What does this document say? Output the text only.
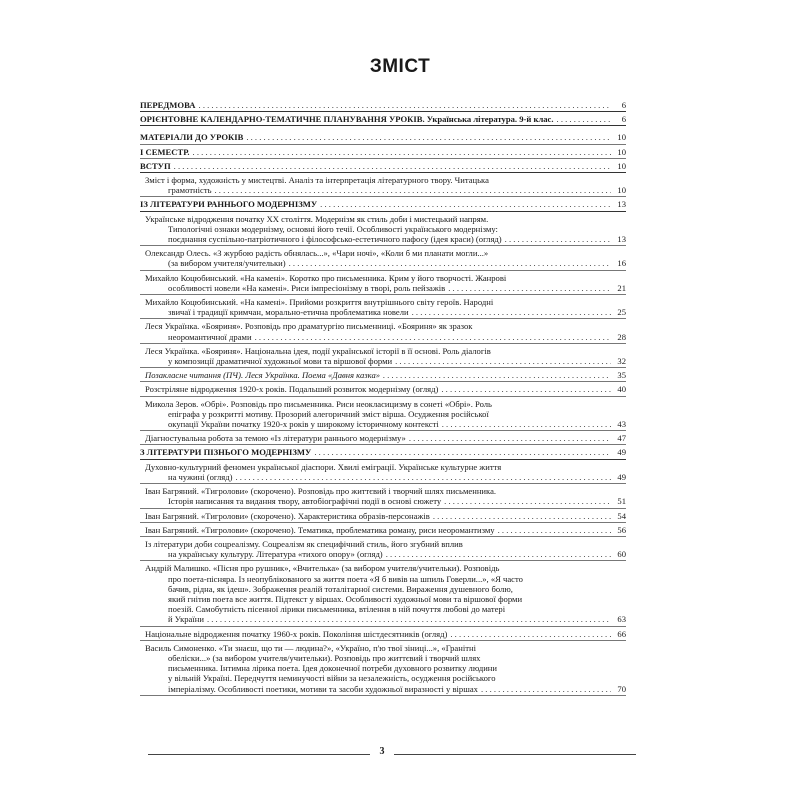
ЗМІСТ
ПЕРЕДМОВА . . .	6
ОРІЄНТОВНЕ КАЛЕНДАРНО-ТЕМАТИЧНЕ ПЛАНУВАННЯ УРОКІВ. Українська література. 9-й клас. . . .	6
МАТЕРІАЛИ ДО УРОКІВ . . .	10
І СЕМЕСТР. . . .	10
ВСТУП . . .	10
Зміст і форма, художність у мистецтві. Аналіз та інтерпретація літературного твору. Читацька
грамотність . . .	10
ІЗ ЛІТЕРАТУРИ РАННЬОГО МОДЕРНІЗМУ . . .	13
Українське відродження початку ХХ століття. Модернізм як стиль доби і мистецький напрям.
Типологічні ознаки модернізму, основні його течії. Особливості українського модернізму:
поєднання суспільно-патріотичного і філософсько-естетичного пафосу (ідея краси) (огляд) . . .	13
Олександр Олесь. «З журбою радість обнялась...», «Чари ночі», «Коли б ми планати могли...»
(за вибором учителя/учительки) . . .	16
Михайло Коцюбинський. «На камені». Коротко про письменника. Крим у його творчості. Жанрові
особливості новели «На камені». Риси імпресіонізму в творі, роль пейзажів . . .	21
Михайло Коцюбинський. «На камені». Прийоми розкриття внутрішнього світу героїв. Народні
звичаї і традиції кримчан, морально-етична проблематика новели . . .	25
Леся Українка. «Бояриня». Розповідь про драматургію письменниці. «Бояриня» як зразок
неоромантичної драми . . .	28
Леся Українка. «Бояриня». Національна ідея, події української історії в її основі. Роль діалогів
у композиції драматичної художньої мови та віршової форми . . .	32
Позакласне читання (ПЧ). Леся Українка. Поема «Давня казка» . . .	35
Розстріляне відродження 1920-х років. Подальший розвиток модернізму (огляд) . . .	40
Микола Зеров. «Обрі». Розповідь про письменника. Риси неокласицизму в сонеті «Обрі». Роль
епіграфа у розкритті мотиву. Прозорий алегоричний зміст вірша. Осудження російської
окупації України початку 1920-х років у широкому історичному контексті . . .	43
Діагностувальна робота за темою «Із літератури раннього модернізму» . . .	47
З ЛІТЕРАТУРИ ПІЗНЬОГО МОДЕРНІЗМУ . . .	49
Духовно-культурний феномен української діаспори. Хвилі еміграції. Українське культурне життя
на чужині (огляд) . . .	49
Іван Багряний. «Тигролови» (скорочено). Розповідь про життєвий і творчий шлях письменника.
Історія написання та видання твору, автобіографічні події в основі сюжету . . .	51
Іван Багряний. «Тигролови» (скорочено). Характеристика образів-персонажів . . .	54
Іван Багряний. «Тигролови» (скорочено). Тематика, проблематика роману, риси неоромантизму . . .	56
Із літератури доби соцреалізму. Соцреалізм як специфічний стиль, його згубний вплив
на українську культуру. Література «тихого опору» (огляд) . . .	60
Андрій Малишко. «Пісня про рушник», «Вчителька» (за вибором учителя/учительки). Розповідь
про поета-пісняра. Із неопублікованого за життя поета «Я б вивів на шпиль Говерли...», «Я часто
бачив, рідна, як ідеш». Зображення реалій тоталітарної системи. Вираження душевного болю,
який гнітив поета все життя. Підтекст у віршах. Особливості художньої мови та віршової форми
поезій. Самобутність пісенної лірики письменника, втілення в ній почуття любові до матері
й України . . .	63
Національне відродження початку 1960-х років. Покоління шістдесятників (огляд) . . .	66
Василь Симоненко. «Ти знаєш, що ти — людина?», «Україно, п'ю твої зіниці...», «Гранітні
обеліски...» (за вибором учителя/учительки). Розповідь про життєвий і творчий шлях
письменника. Інтимна лірика поета. Ідея доконечної потреби духовного розвитку людини
у вільній Україні. Передчуття неминучості війни за незалежність, осудження російського
імперіалізму. Особливості поетики, мотиви та засоби художньої виразності у віршах . . .	70
3
